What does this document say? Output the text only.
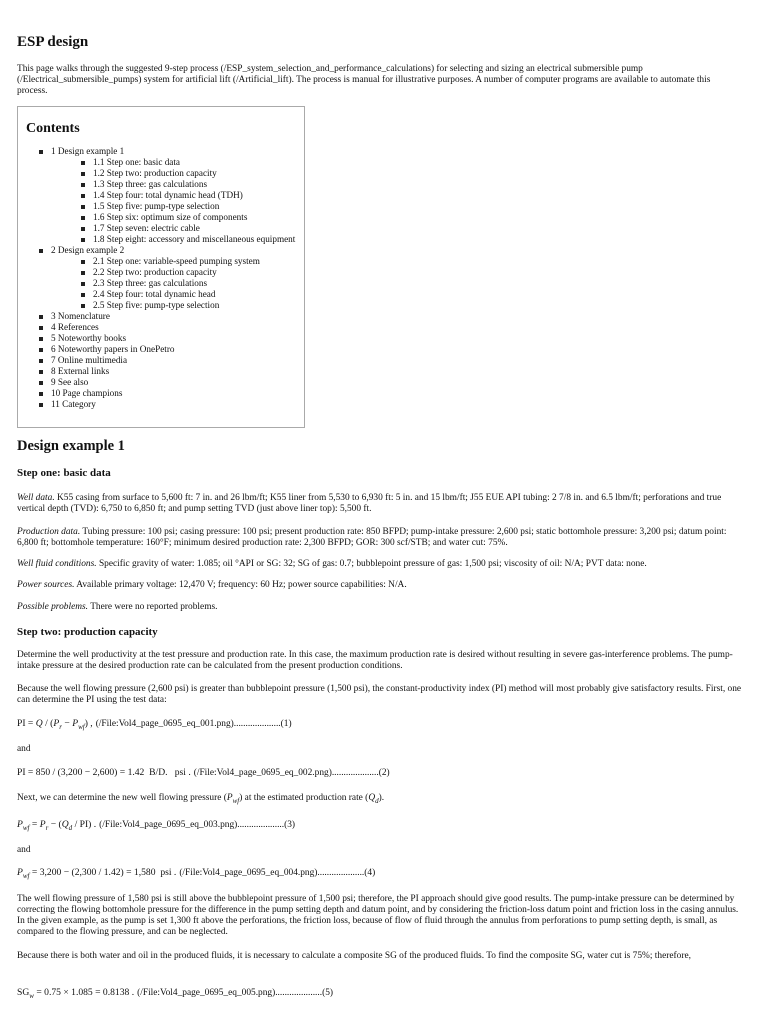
ESP design

This page walks through the suggested 9-step process (/ESP_system_selection_and_performance_calculations) for selecting and sizing an electrical submersible pump (/Electrical_submersible_pumps) system for artificial lift (/Artificial_lift). The process is manual for illustrative purposes. A number of computer programs are available to automate this process.

Contents
1 Design example 1
1.1 Step one: basic data
1.2 Step two: production capacity
1.3 Step three: gas calculations
1.4 Step four: total dynamic head (TDH)
1.5 Step five: pump-type selection
1.6 Step six: optimum size of components
1.7 Step seven: electric cable
1.8 Step eight: accessory and miscellaneous equipment
2 Design example 2
2.1 Step one: variable-speed pumping system
2.2 Step two: production capacity
2.3 Step three: gas calculations
2.4 Step four: total dynamic head
2.5 Step five: pump-type selection
3 Nomenclature
4 References
5 Noteworthy books
6 Noteworthy papers in OnePetro
7 Online multimedia
8 External links
9 See also
10 Page champions
11 Category
Design example 1
Step one: basic data

Well data. K55 casing from surface to 5,600 ft: 7 in. and 26 lbm/ft; K55 liner from 5,530 to 6,930 ft: 5 in. and 15 lbm/ft; J55 EUE API tubing: 2 7/8 in. and 6.5 lbm/ft; perforations and true vertical depth (TVD): 6,750 to 6,850 ft; and pump setting TVD (just above liner top): 5,500 ft.

Production data. Tubing pressure: 100 psi; casing pressure: 100 psi; present production rate: 850 BFPD; pump-intake pressure: 2,600 psi; static bottomhole pressure: 3,200 psi; datum point: 6,800 ft; bottomhole temperature: 160°F; minimum desired production rate: 2,300 BFPD; GOR: 300 scf/STB; and water cut: 75%.

Well fluid conditions. Specific gravity of water: 1.085; oil °API or SG: 32; SG of gas: 0.7; bubblepoint pressure of gas: 1,500 psi; viscosity of oil: N/A; PVT data: none.

Power sources. Available primary voltage: 12,470 V; frequency: 60 Hz; power source capabilities: N/A.

Possible problems. There were no reported problems.

Step two: production capacity

Determine the well productivity at the test pressure and production rate. In this case, the maximum production rate is desired without resulting in severe gas-interference problems. The pump-intake pressure at the desired production rate can be calculated from the present production conditions.

Because the well flowing pressure (2,600 psi) is greater than bubblepoint pressure (1,500 psi), the constant-productivity index (PI) method will most probably give satisfactory results. First, one can determine the PI using the test data:

PI = $Q / (P_r - P_{wf})$ , (/File:Vol4_page_0695_eq_001.png)....................(1)

and

PI = 850 / (3,200 − 2,600) = 1.42  B/D.   psi . (/File:Vol4_page_0695_eq_002.png)....................(2)

Next, we can determine the new well flowing pressure $(P_{wf})$ at the estimated production rate $(Q_d)$.

$P_{wf} = P_r - (Q_d / PI)$ . (/File:Vol4_page_0695_eq_003.png)....................(3)

and

$P_{wf} = 3,200 - (2,300 / 1.42) = 1,580$  psi . (/File:Vol4_page_0695_eq_004.png)....................(4)

The well flowing pressure of 1,580 psi is still above the bubblepoint pressure of 1,500 psi; therefore, the PI approach should give good results. The pump-intake pressure can be determined by correcting the flowing bottomhole pressure for the difference in the pump setting depth and datum point, and by considering the friction-loss datum point and friction loss in the casing annulus. In the given example, as the pump is set 1,300 ft above the perforations, the friction loss, because of flow of fluid through the annulus from perforations to pump setting depth, is small, as compared to the flowing pressure, and can be neglected.

Because there is both water and oil in the produced fluids, it is necessary to calculate a composite SG of the produced fluids. To find the composite SG, water cut is 75%; therefore,

$SG_w = 0.75 \times 1.085 = 0.8138$ . (/File:Vol4_page_0695_eq_005.png)....................(5)
